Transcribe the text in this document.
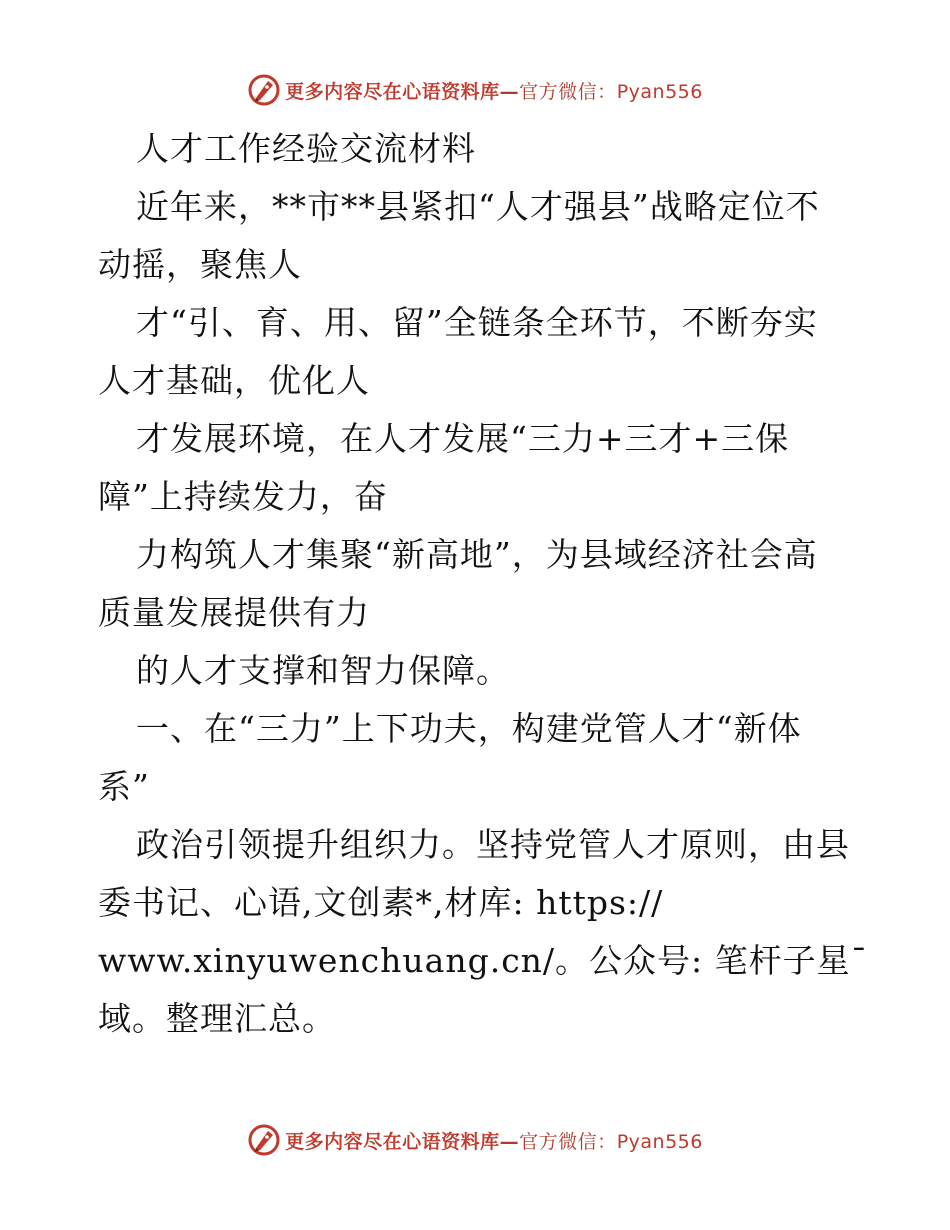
更多内容尽在心语资料库—官方微信：Pyan556
人才工作经验交流材料
近年来，**市**县紧扣“人才强县”战略定位不
动摇，聚焦人
才“引、育、用、留”全链条全环节，不断夯实
人才基础，优化人
才发展环境，在人才发展“三力+三才+三保
障”上持续发力，奋
力构筑人才集聚“新高地”，为县域经济社会高
质量发展提供有力
的人才支撑和智力保障。
一、在“三力”上下功夫，构建党管人才“新体
系”
政治引领提升组织力。坚持党管人才原则，由县
委书记、心语,文创素*,材库: https://
www.xinyuwenchuang.cn/。公众号: 笔杆子星¯
域。整理汇总。
更多内容尽在心语资料库—官方微信：Pyan556
